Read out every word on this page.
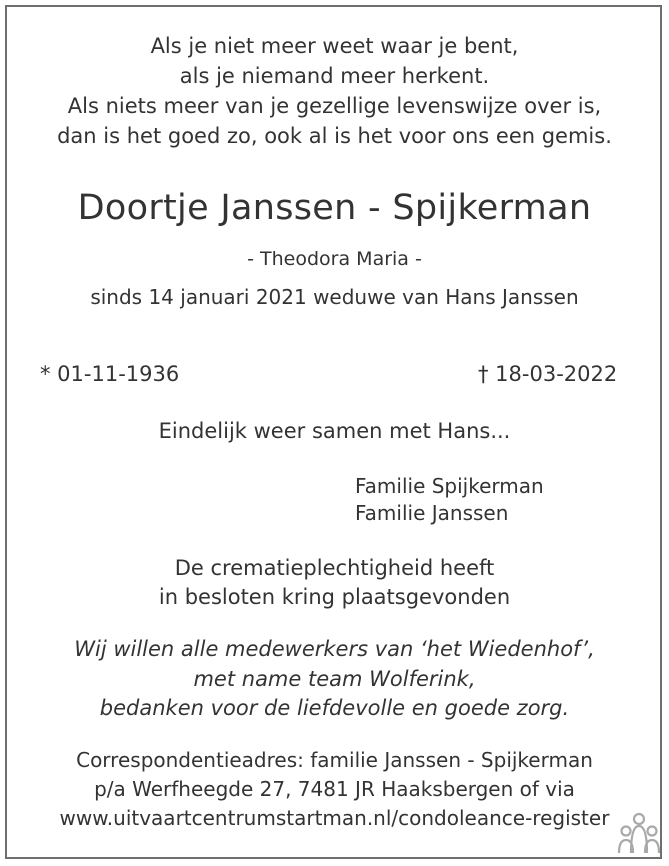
Als je niet meer weet waar je bent,
als je niemand meer herkent.
Als niets meer van je gezellige levenswijze over is,
dan is het goed zo, ook al is het voor ons een gemis.
Doortje Janssen - Spijkerman
- Theodora Maria -
sinds 14 januari 2021 weduwe van Hans Janssen
* 01-11-1936	† 18-03-2022
Eindelijk weer samen met Hans...
Familie Spijkerman
Familie Janssen
De crematieplechtigheid heeft
in besloten kring plaatsgevonden
Wij willen alle medewerkers van ‘het Wiedenhof’,
met name team Wolferink,
bedanken voor de liefdevolle en goede zorg.
Correspondentieadres: familie Janssen - Spijkerman
p/a Werfheegde 27, 7481 JR Haaksbergen of via
www.uitvaartcentrumstartman.nl/condoleance-register
